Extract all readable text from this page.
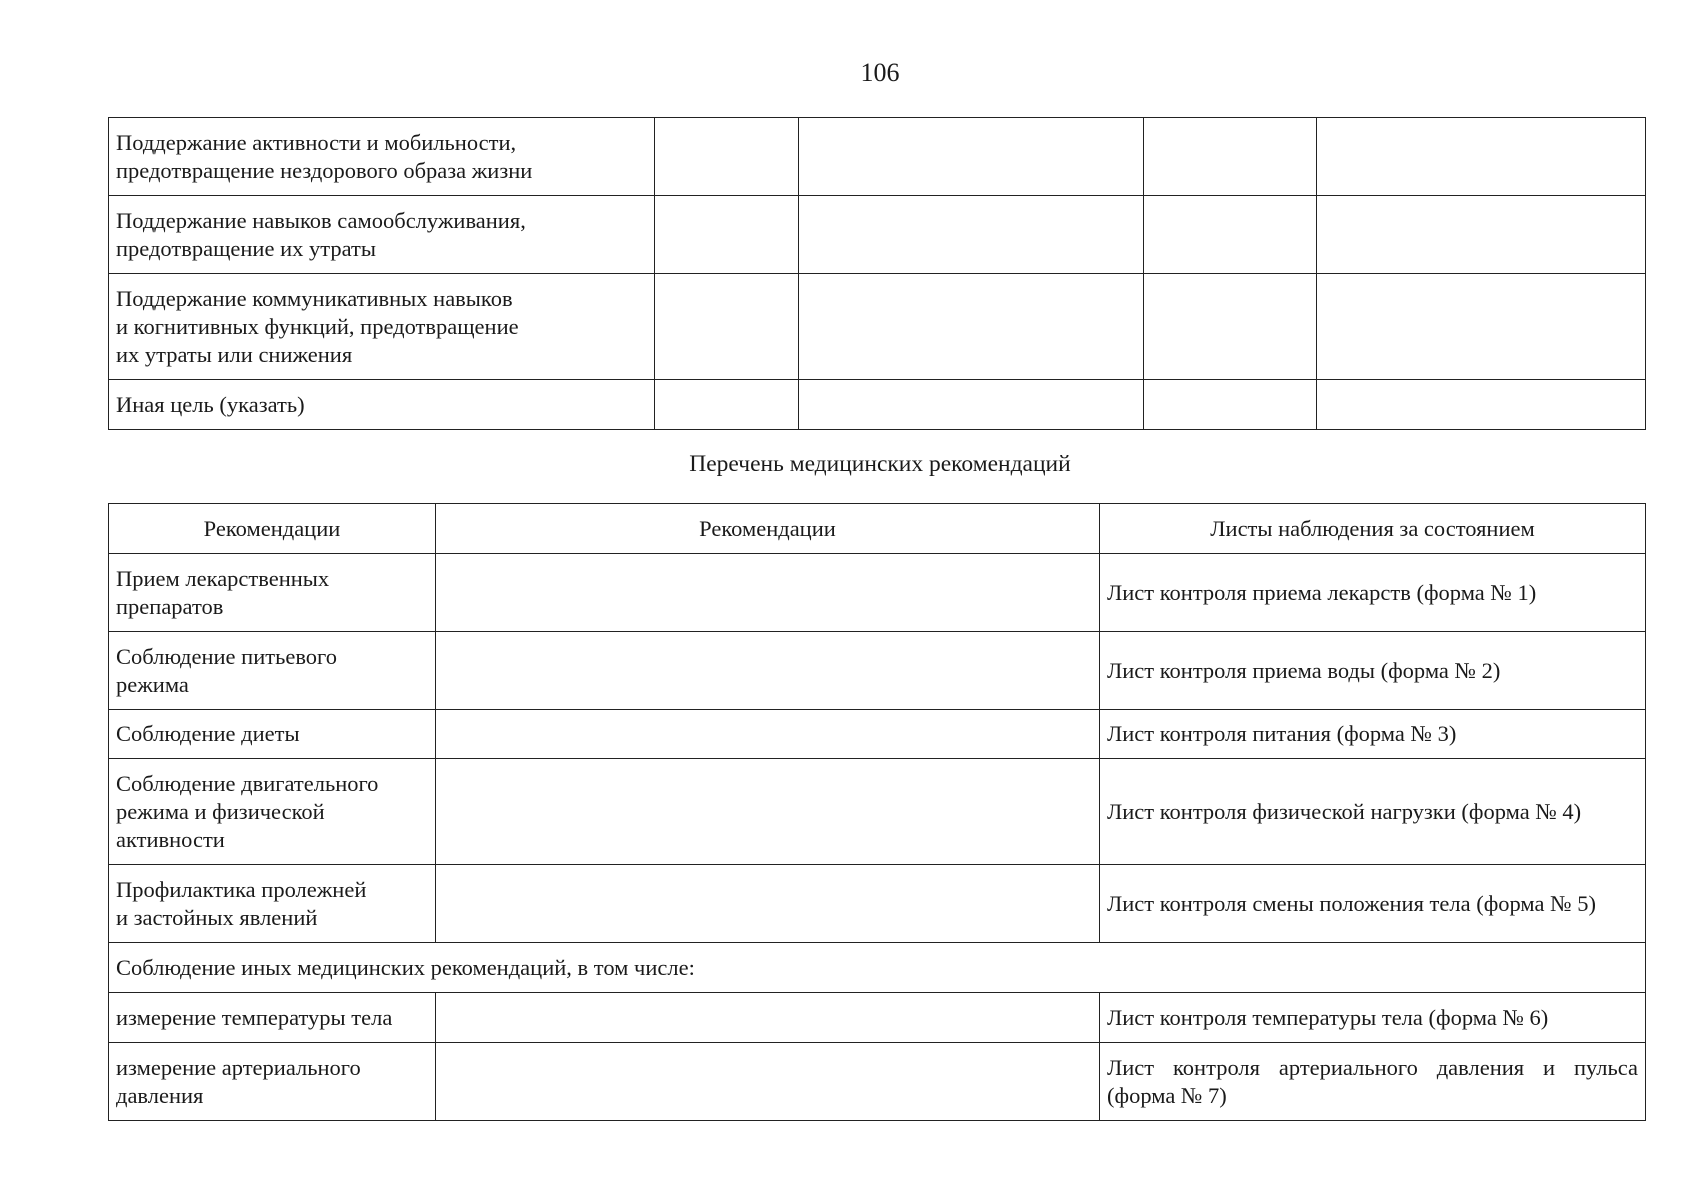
106
Поддержание активности и мобильности,
предотвращение нездорового образа жизни				
Поддержание навыков самообслуживания,
предотвращение их утраты				
Поддержание коммуникативных навыков
и когнитивных функций, предотвращение
их утраты или снижения				
Иная цель (указать)				
Перечень медицинских рекомендаций
Рекомендации	Рекомендации	Листы наблюдения за состоянием
Прием лекарственных
препаратов		Лист контроля приема лекарств (форма № 1)
Соблюдение питьевого
режима		Лист контроля приема воды (форма № 2)
Соблюдение диеты		Лист контроля питания (форма № 3)
Соблюдение двигательного
режима и физической
активности		Лист контроля физической нагрузки (форма № 4)
Профилактика пролежней
и застойных явлений		Лист контроля смены положения тела (форма № 5)
Соблюдение иных медицинских рекомендаций, в том числе:		
измерение температуры тела		Лист контроля температуры тела (форма № 6)
измерение артериального
давления		Лист контроля артериального давления и пульса (форма № 7)
